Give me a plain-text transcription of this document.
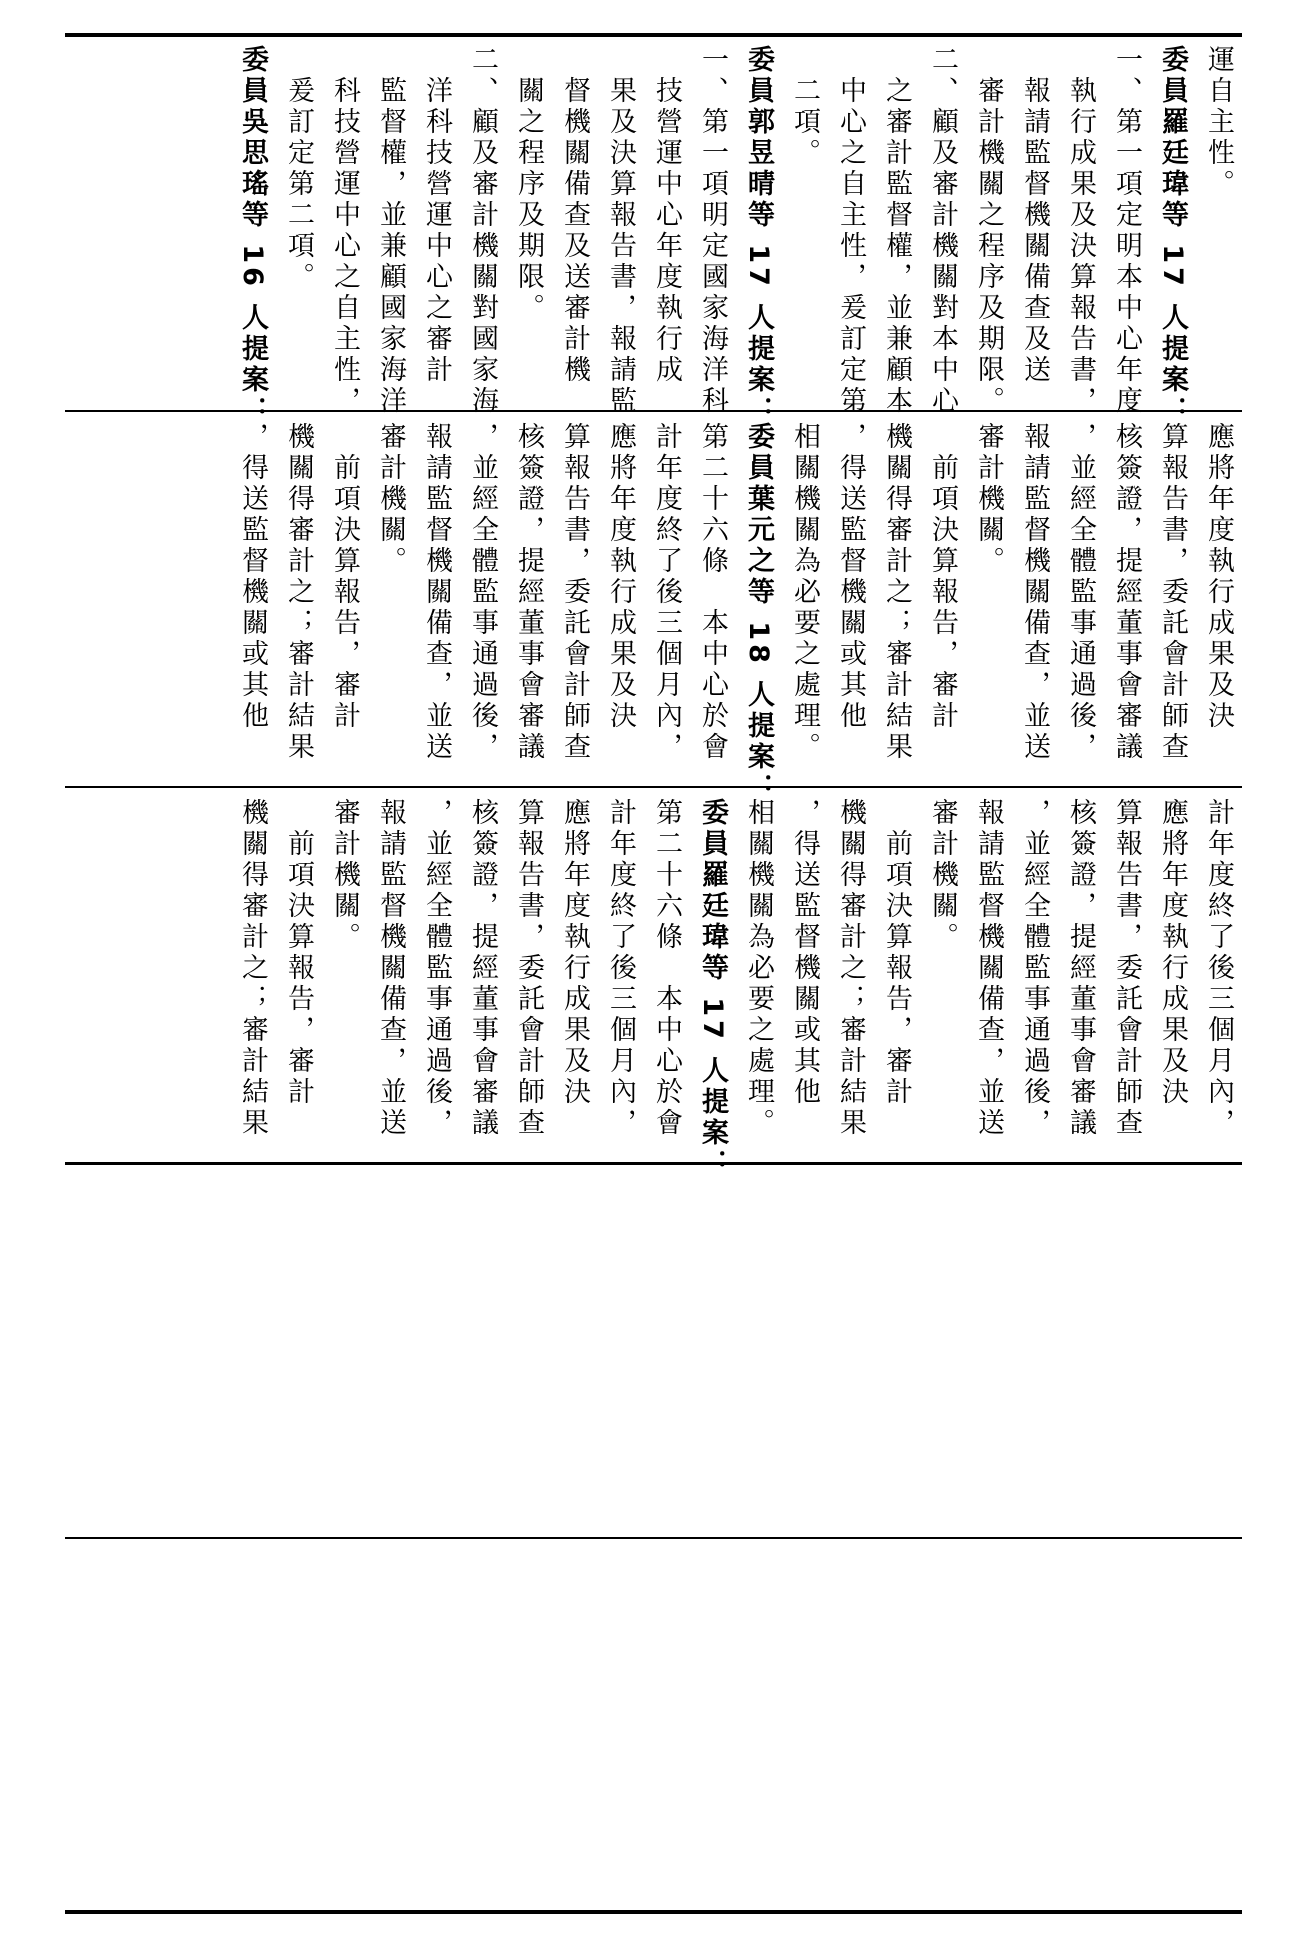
運自主性。
委員羅廷瑋等 17 人提案：
一、第一項定明本中心年度
　執行成果及決算報告書，
　報請監督機關備查及送
　審計機關之程序及期限。
二、顧及審計機關對本中心
　之審計監督權，並兼顧本
　中心之自主性，爰訂定第
　二項。
委員郭昱晴等 17 人提案：
一、第一項明定國家海洋科
　技營運中心年度執行成
　果及決算報告書，報請監
　督機關備查及送審計機
　關之程序及期限。
二、顧及審計機關對國家海
　洋科技營運中心之審計
　監督權，並兼顧國家海洋
　科技營運中心之自主性，
　爰訂定第二項。
委員吳思瑤等 16 人提案：
應將年度執行成果及決
算報告書，委託會計師查
核簽證，提經董事會審議
，並經全體監事通過後，
報請監督機關備查，並送
審計機關。
　前項決算報告，審計
機關得審計之；審計結果
，得送監督機關或其他
相關機關為必要之處理。
委員葉元之等 18 人提案：
第二十六條　本中心於會
計年度終了後三個月內，
應將年度執行成果及決
算報告書，委託會計師查
核簽證，提經董事會審議
，並經全體監事通過後，
報請監督機關備查，並送
審計機關。
　前項決算報告，審計
機關得審計之；審計結果
，得送監督機關或其他
計年度終了後三個月內，
應將年度執行成果及決
算報告書，委託會計師查
核簽證，提經董事會審議
，並經全體監事通過後，
報請監督機關備查，並送
審計機關。
　前項決算報告，審計
機關得審計之；審計結果
，得送監督機關或其他
相關機關為必要之處理。
委員羅廷瑋等 17 人提案：
第二十六條　本中心於會
計年度終了後三個月內，
應將年度執行成果及決
算報告書，委託會計師查
核簽證，提經董事會審議
，並經全體監事通過後，
報請監督機關備查，並送
審計機關。
　前項決算報告，審計
機關得審計之；審計結果
